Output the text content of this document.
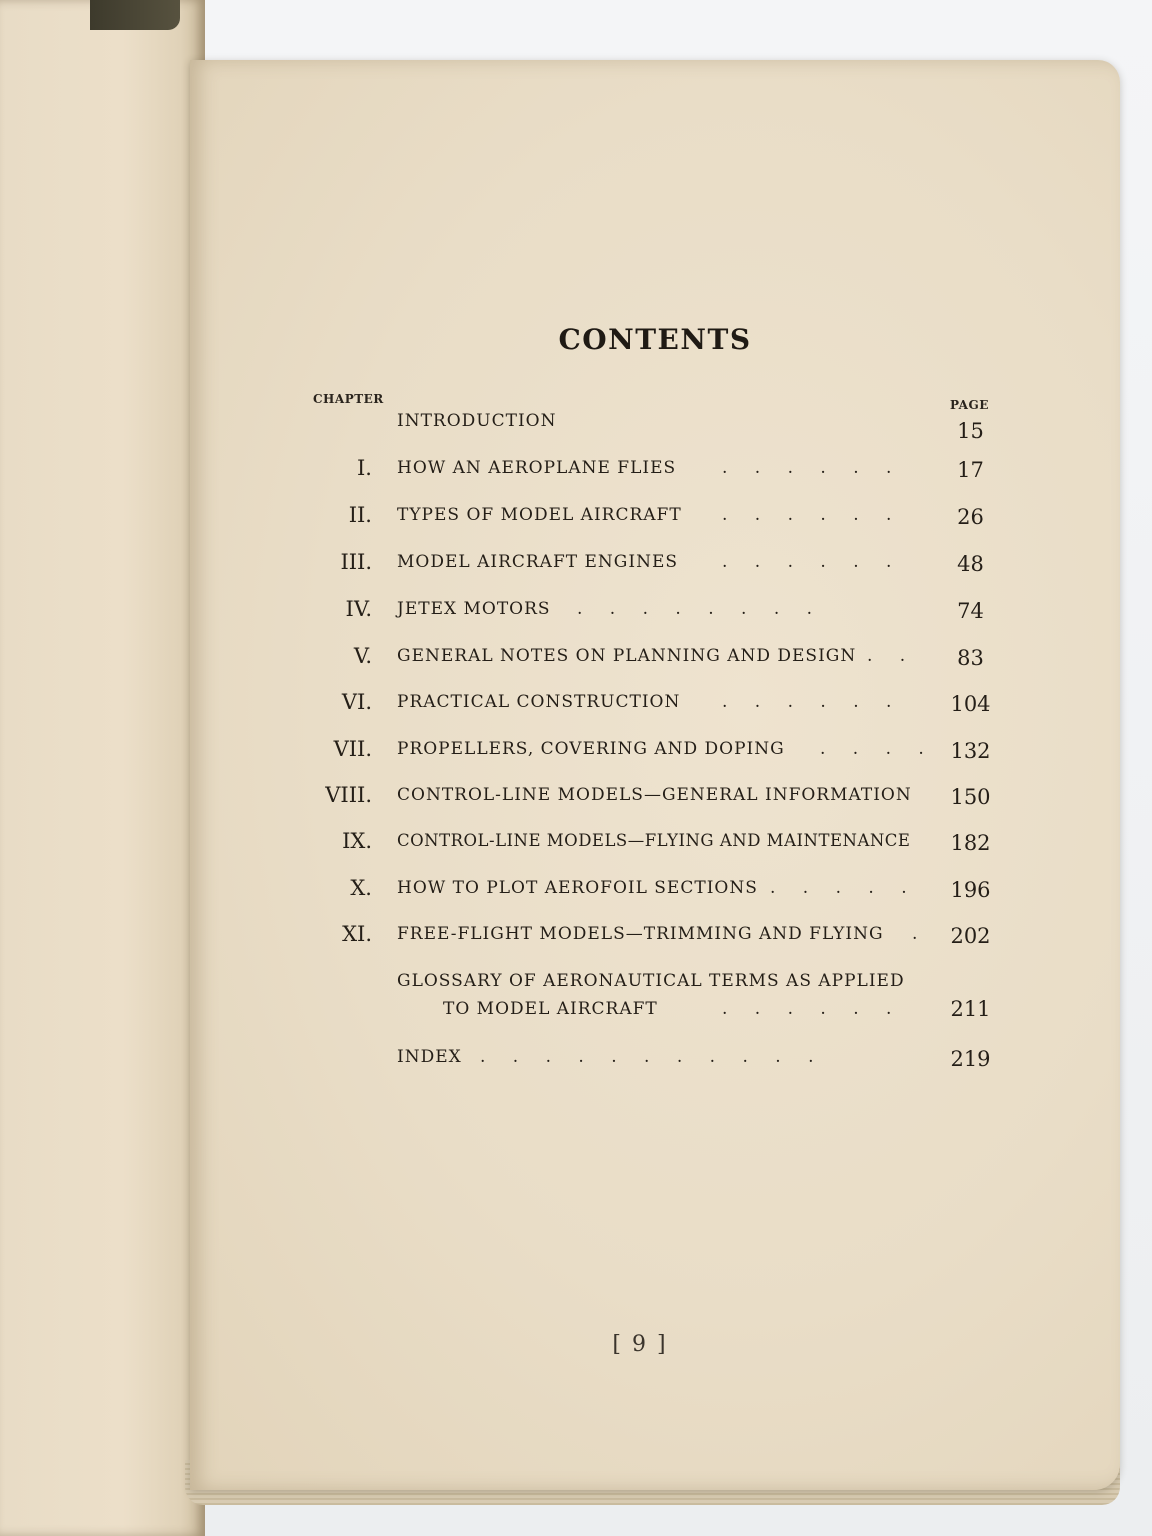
CONTENTS
CHAPTER	PAGE
INTRODUCTION	15
I. HOW AN AEROPLANE FLIES	. . . . . .	17
II. TYPES OF MODEL AIRCRAFT . . . . . .	26
III. MODEL AIRCRAFT ENGINES	. . . . . .	48
IV. JETEX MOTORS . . . . . . . .	74
V. GENERAL NOTES ON PLANNING AND DESIGN . .	83
VI. PRACTICAL CONSTRUCTION . . . . . . 104
VII. PROPELLERS, COVERING AND DOPING . . . . 132
VIII. CONTROL-LINE MODELS—GENERAL INFORMATION 150
IX. CONTROL-LINE MODELS—FLYING AND MAINTENANCE 182
X. HOW TO PLOT AEROFOIL SECTIONS . . . . . 196
XI. FREE-FLIGHT MODELS—TRIMMING AND FLYING . 202
GLOSSARY OF AERONAUTICAL TERMS AS APPLIED
TO MODEL AIRCRAFT	. . . . . . 211
INDEX . . . . . . . . . . .	219
[ 9 ]
